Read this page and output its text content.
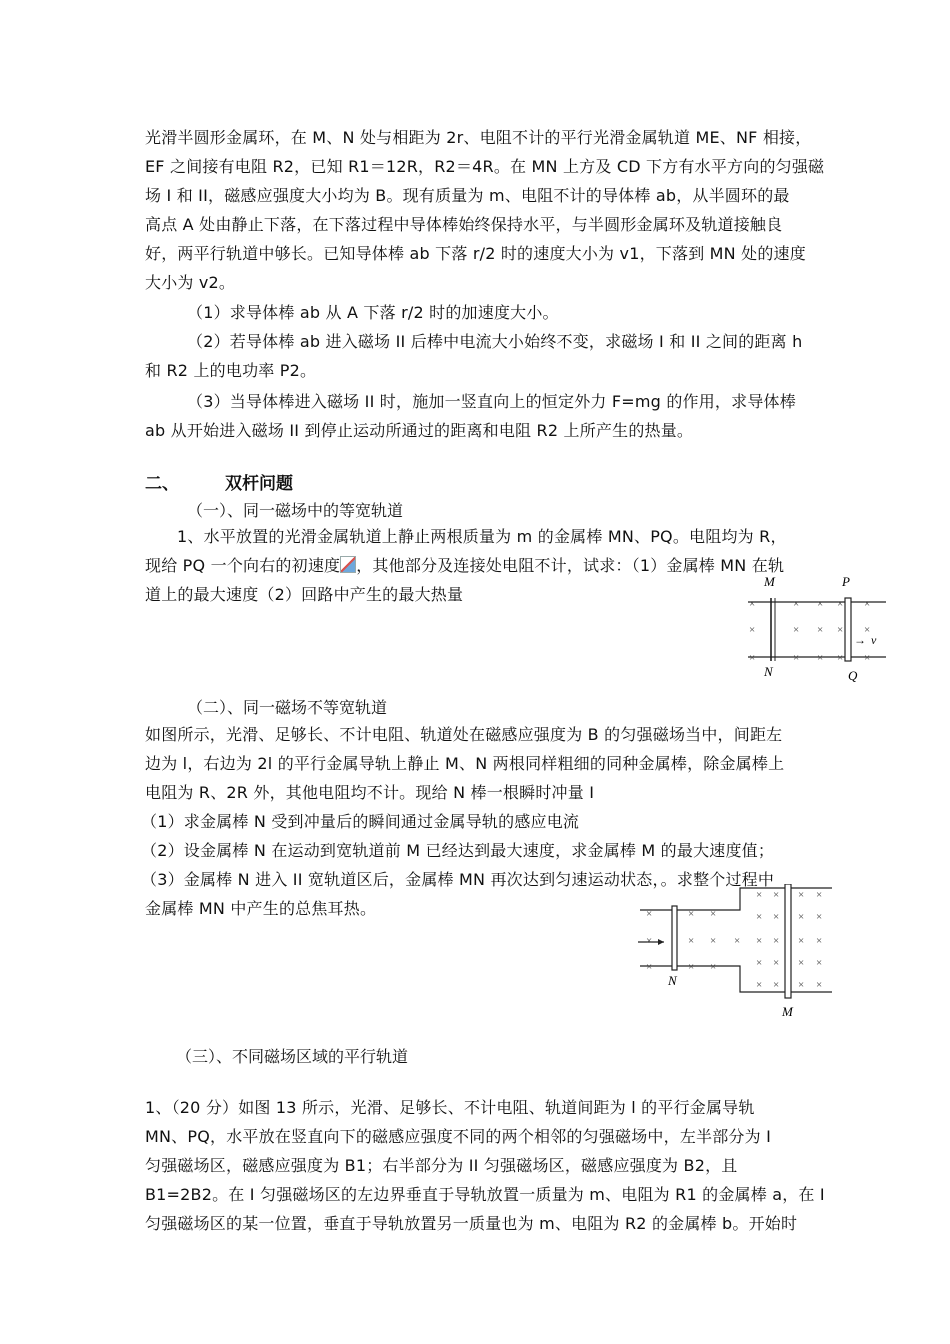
光滑半圆形金属环，在 M、N 处与相距为 2r、电阻不计的平行光滑金属轨道 ME、NF 相接，
EF 之间接有电阻 R2，已知 R1＝12R，R2＝4R。在 MN 上方及 CD 下方有水平方向的匀强磁
场 I 和 II，磁感应强度大小均为 B。现有质量为 m、电阻不计的导体棒 ab，从半圆环的最
高点 A 处由静止下落，在下落过程中导体棒始终保持水平，与半圆形金属环及轨道接触良
好，两平行轨道中够长。已知导体棒 ab 下落 r/2 时的速度大小为 v1，下落到 MN 处的速度
大小为 v2。
（1）求导体棒 ab 从 A 下落 r/2 时的加速度大小。
（2）若导体棒 ab 进入磁场 II 后棒中电流大小始终不变，求磁场 I 和 II 之间的距离 h
和 R2 上的电功率 P2。
（3）当导体棒进入磁场 II 时，施加一竖直向上的恒定外力 F=mg 的作用，求导体棒
ab 从开始进入磁场 II 到停止运动所通过的距离和电阻 R2 上所产生的热量。
二、	双杆问题
（一）、同一磁场中的等宽轨道
1、水平放置的光滑金属轨道上静止两根质量为 m 的金属棒 MN、PQ。电阻均为 R，
现给 PQ 一个向右的初速度 ，其他部分及连接处电阻不计，试求：（1）金属棒 MN 在轨
道上的最大速度（2）回路中产生的最大热量
M
N
P
Q
→ v
×	× × × ×
×	× × × ×
×	× × × ×
（二）、同一磁场不等宽轨道
如图所示，光滑、足够长、不计电阻、轨道处在磁感应强度为 B 的匀强磁场当中，间距左
边为 l，右边为 2l 的平行金属导轨上静止 M、N 两根同样粗细的同种金属棒，除金属棒上
电阻为 R、2R 外，其他电阻均不计。现给 N 棒一根瞬时冲量 I
（1）求金属棒 N 受到冲量后的瞬间通过金属导轨的感应电流
（2）设金属棒 N 在运动到宽轨道前 M 已经达到最大速度，求金属棒 M 的最大速度值；
（3）金属棒 N 进入 II 宽轨道区后，金属棒 MN 再次达到匀速运动状态，。求整个过程中
金属棒 MN 中产生的总焦耳热。
N
M
×
×
×
×
×
×
×
×
×
×
×
×
×
×
×
×
×
×
×
×
×
×
×
×
×
×
×
×
×
×
（三）、不同磁场区域的平行轨道
1、（20 分）如图 13 所示，光滑、足够长、不计电阻、轨道间距为 l 的平行金属导轨
MN、PQ，水平放在竖直向下的磁感应强度不同的两个相邻的匀强磁场中，左半部分为 I
匀强磁场区，磁感应强度为 B1；右半部分为 II 匀强磁场区，磁感应强度为 B2，且
B1=2B2。在 I 匀强磁场区的左边界垂直于导轨放置一质量为 m、电阻为 R1 的金属棒 a，在 I
匀强磁场区的某一位置，垂直于导轨放置另一质量也为 m、电阻为 R2 的金属棒 b。开始时
